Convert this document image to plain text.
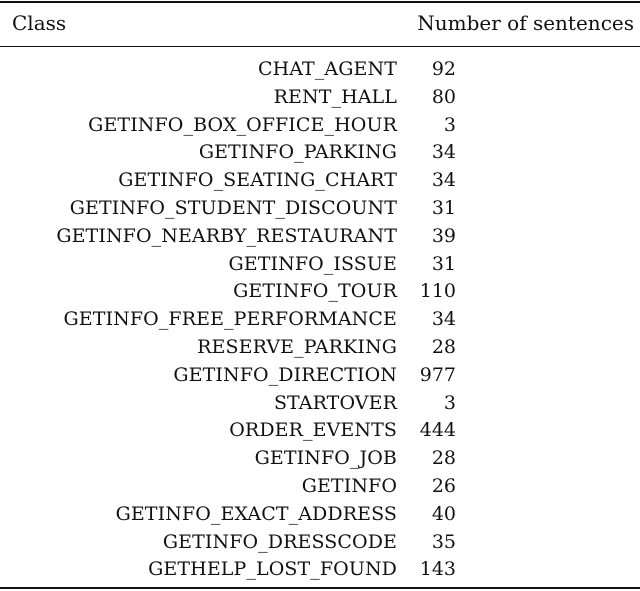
Class	Number of sentences
CHAT_AGENT	92
RENT_HALL	80
GETINFO_BOX_OFFICE_HOUR	3
GETINFO_PARKING	34
GETINFO_SEATING_CHART	34
GETINFO_STUDENT_DISCOUNT	31
GETINFO_NEARBY_RESTAURANT	39
GETINFO_ISSUE	31
GETINFO_TOUR 110
GETINFO_FREE_PERFORMANCE	34
RESERVE_PARKING	28
GETINFO_DIRECTION 977
STARTOVER	3
ORDER_EVENTS 444
GETINFO_JOB	28
GETINFO	26
GETINFO_EXACT_ADDRESS	40
GETINFO_DRESSCODE	35
GETHELP_LOST_FOUND 143
